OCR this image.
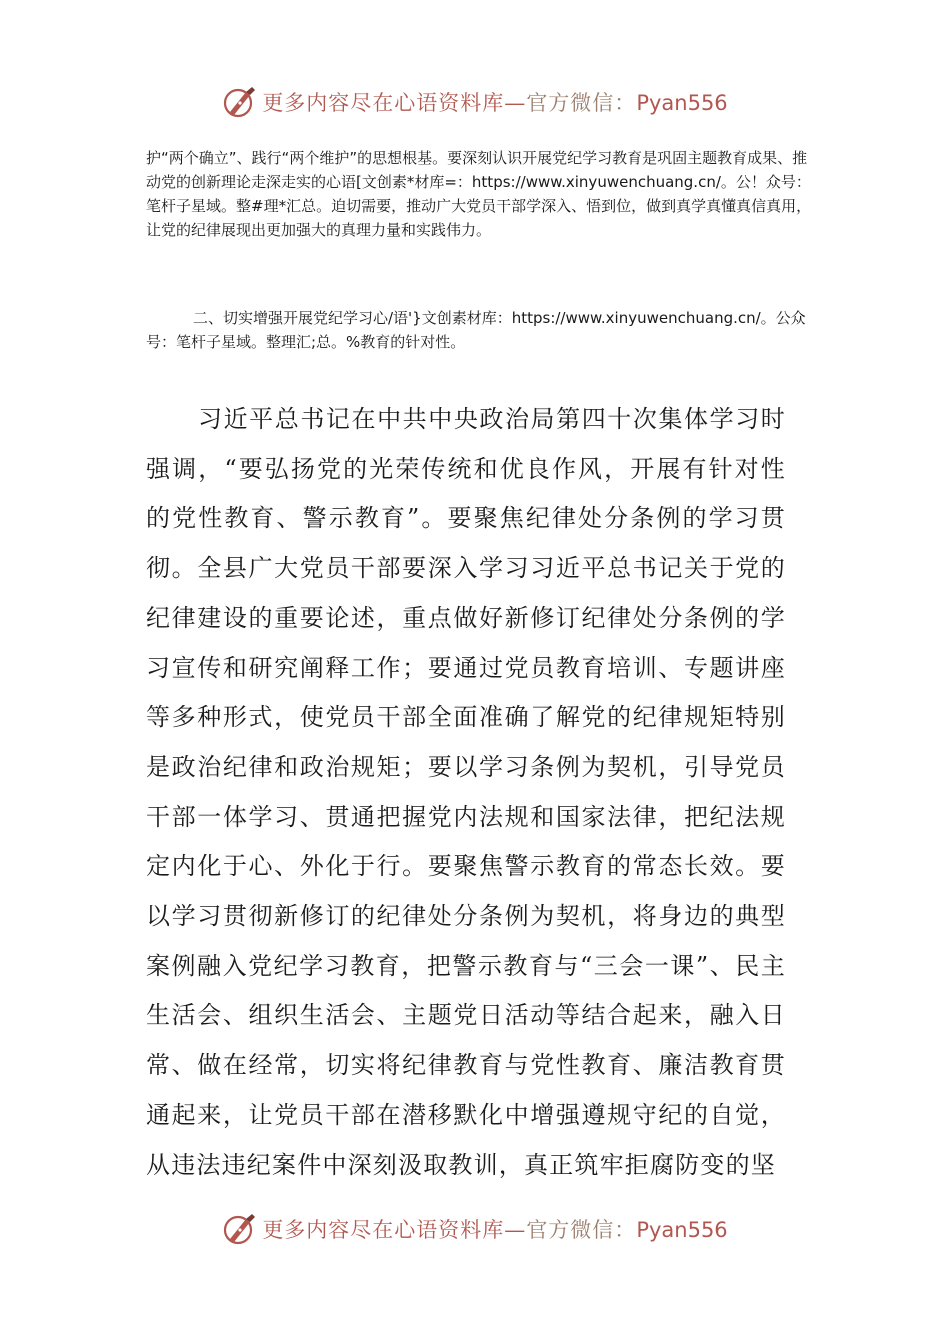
更多内容尽在心语资料库—官方微信：Pyan556

护“两个确立”、践行“两个维护”的思想根基。要深刻认识开展党纪学习教育是巩固主题教育成果、推动党的创新理论走深走实的心语[文创素*材库=：https://www.xinyuwenchuang.cn/。公！众号：笔杆子星域。整#理*汇总。迫切需要，推动广大党员干部学深入、悟到位，做到真学真懂真信真用，让党的纪律展现出更加强大的真理力量和实践伟力。

二、切实增强开展党纪学习心/语'}文创素材库：https://www.xinyuwenchuang.cn/。公众号：笔杆子星域。整理汇;总。%教育的针对性。

习近平总书记在中共中央政治局第四十次集体学习时强调，“要弘扬党的光荣传统和优良作风，开展有针对性的党性教育、警示教育”。要聚焦纪律处分条例的学习贯彻。全县广大党员干部要深入学习习近平总书记关于党的纪律建设的重要论述，重点做好新修订纪律处分条例的学习宣传和研究阐释工作；要通过党员教育培训、专题讲座等多种形式，使党员干部全面准确了解党的纪律规矩特别是政治纪律和政治规矩；要以学习条例为契机，引导党员干部一体学习、贯通把握党内法规和国家法律，把纪法规定内化于心、外化于行。要聚焦警示教育的常态长效。要以学习贯彻新修订的纪律处分条例为契机，将身边的典型案例融入党纪学习教育，把警示教育与“三会一课”、民主生活会、组织生活会、主题党日活动等结合起来，融入日常、做在经常，切实将纪律教育与党性教育、廉洁教育贯通起来，让党员干部在潜移默化中增强遵规守纪的自觉，从违法违纪案件中深刻汲取教训，真正筑牢拒腐防变的坚

更多内容尽在心语资料库—官方微信：Pyan556
